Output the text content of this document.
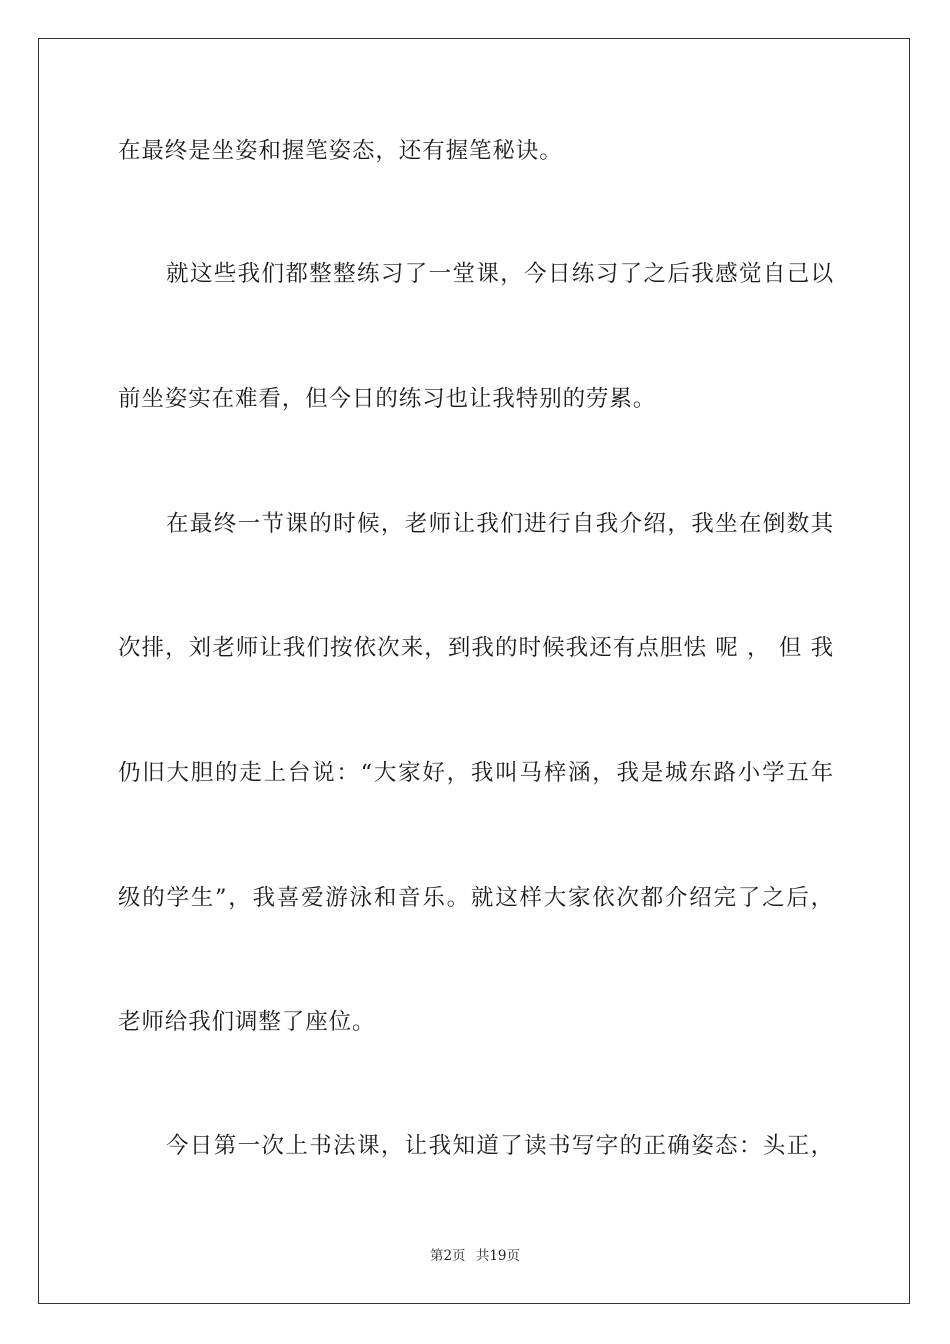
在最终是坐姿和握笔姿态，还有握笔秘诀。
就这些我们都整整练习了一堂课，今日练习了之后我感觉自己以
前坐姿实在难看，但今日的练习也让我特别的劳累。
在最终一节课的时候，老师让我们进行自我介绍，我坐在倒数其
次排，刘老师让我们按依次来，到我的时候我还有点胆怯 呢 ， 但 我
仍旧大胆的走上台说：“大家好，我叫马梓涵，我是城东路小学五年
级的学生”，我喜爱游泳和音乐。就这样大家依次都介绍完了之后，
老师给我们调整了座位。
今日第一次上书法课，让我知道了读书写字的正确姿态：头正，
第2页 共19页
